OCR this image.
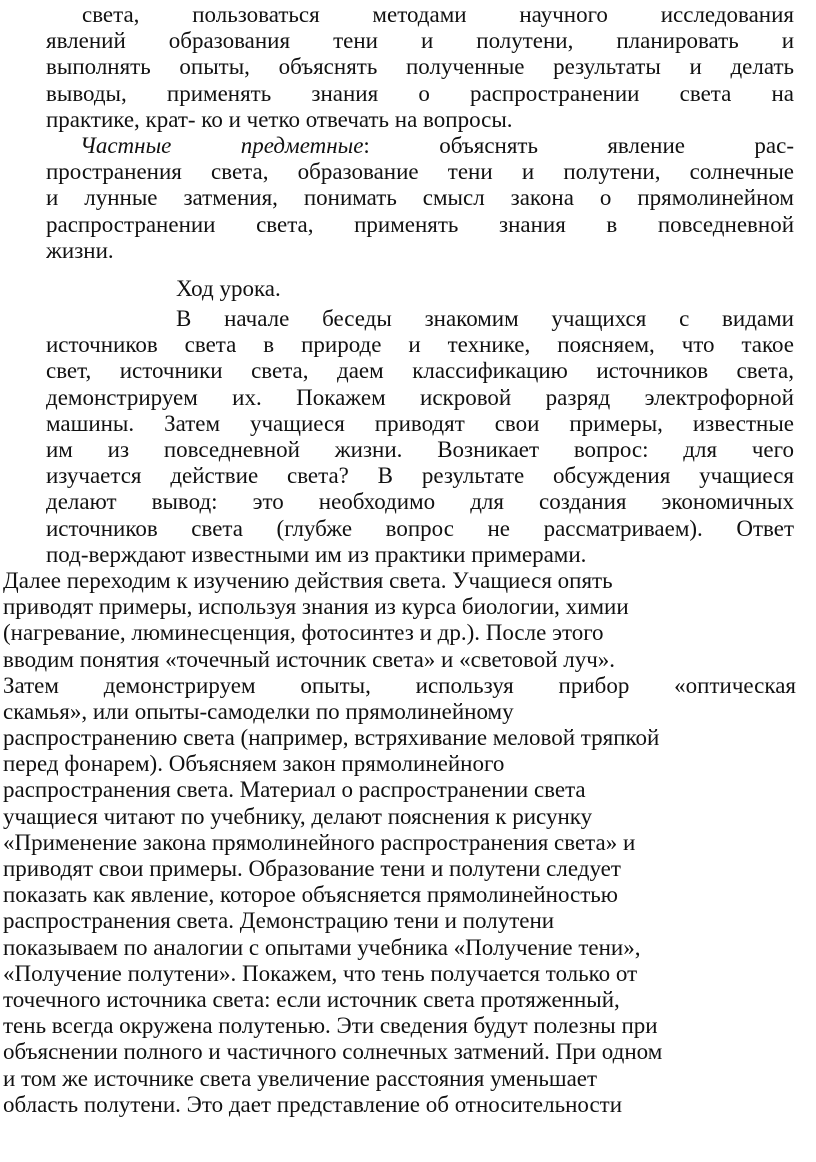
света, пользоваться методами научного исследования
явлений образования тени и полутени, планировать и
выполнять опыты, объяснять полученные результаты и делать
выводы, применять знания о распространении света на
практике, крат- ко и четко отвечать на вопросы.
Частные предметные: объяснять явление рас-
пространения света, образование тени и полутени, солнечные
и лунные затмения, понимать смысл закона о прямолинейном
распространении света, применять знания в повседневной
жизни.
Ход урока.
В начале беседы знакомим учащихся с видами
источников света в природе и технике, поясняем, что такое
свет, источники света, даем классификацию источников света,
демонстрируем их. Покажем искровой разряд электрофорной
машины. Затем учащиеся приводят свои примеры, известные
им из повседневной жизни. Возникает вопрос: для чего
изучается действие света? В результате обсуждения учащиеся
делают вывод: это необходимо для создания экономичных
источников света (глубже вопрос не рассматриваем). Ответ
под-верждают известными им из практики примерами.
Далее переходим к изучению действия света. Учащиеся опять
приводят примеры, используя знания из курса биологии, химии
(нагревание, люминесценция, фотосинтез и др.). После этого
вводим понятия «точечный источник света» и «световой луч».
Затем демонстрируем опыты, используя прибор «оптическая
скамья», или опыты-самоделки по прямолинейному
распространению света (например, встряхивание меловой тряпкой
перед фонарем). Объясняем закон прямолинейного
распространения света. Материал о распространении света
учащиеся читают по учебнику, делают пояснения к рисунку
«Применение закона прямолинейного распространения света» и
приводят свои примеры. Образование тени и полутени следует
показать как явление, которое объясняется прямолинейностью
распространения света. Демонстрацию тени и полутени
показываем по аналогии с опытами учебника «Получение тени»,
«Получение полутени». Покажем, что тень получается только от
точечного источника света: если источник света протяженный,
тень всегда окружена полутенью. Эти сведения будут полезны при
объяснении полного и частичного солнечных затмений. При одном
и том же источнике света увеличение расстояния уменьшает
область полутени. Это дает представление об относительности
